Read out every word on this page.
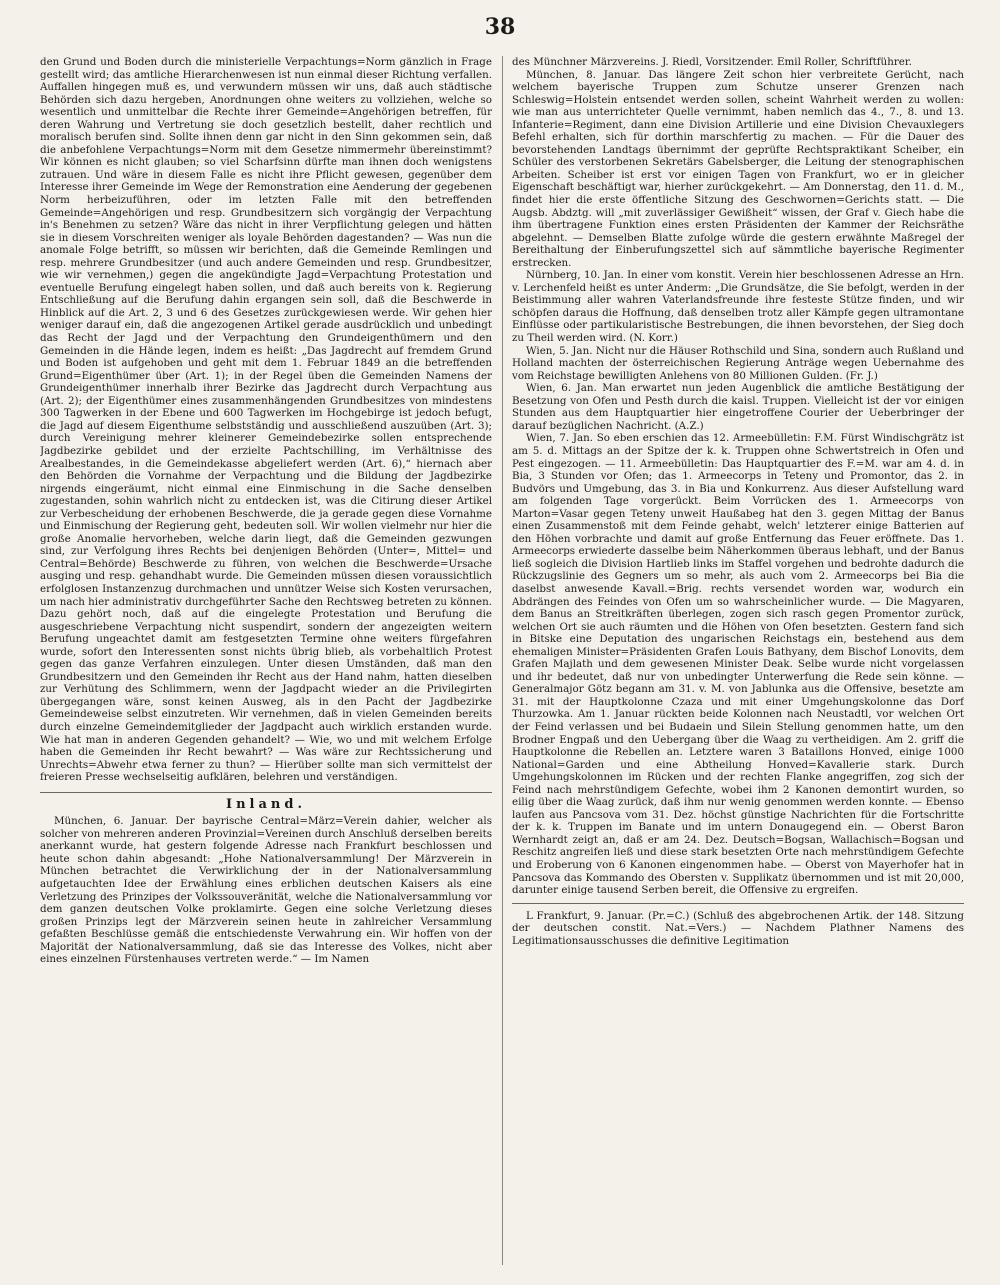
38

den Grund und Boden durch die ministerielle Verpachtungs=Norm gänzlich in Frage gestellt wird; das amtliche Hierarchenwesen ist nun einmal dieser Richtung verfallen. Auffallen hingegen muß es, und verwundern müssen wir uns, daß auch städtische Behörden sich dazu hergeben, Anordnungen ohne weiters zu vollziehen, welche so wesentlich und unmittelbar die Rechte ihrer Gemeinde=Angehörigen betreffen, für deren Wahrung und Vertretung sie doch gesetzlich bestellt, daher rechtlich und moralisch berufen sind. Sollte ihnen denn gar nicht in den Sinn gekommen sein, daß die anbefohlene Verpachtungs=Norm mit dem Gesetze nimmermehr übereinstimmt? Wir können es nicht glauben; so viel Scharfsinn dürfte man ihnen doch wenigstens zutrauen. Und wäre in diesem Falle es nicht ihre Pflicht gewesen, gegenüber dem Interesse ihrer Gemeinde im Wege der Remonstration eine Aenderung der gegebenen Norm herbeizuführen, oder im letzten Falle mit den betreffenden Gemeinde=Angehörigen und resp. Grundbesitzern sich vorgängig der Verpachtung in's Benehmen zu setzen? Wäre das nicht in ihrer Verpflichtung gelegen und hätten sie in diesem Vorschreiten weniger als loyale Behörden dagestanden? — Was nun die anomale Folge betrifft, so müssen wir berichten, daß die Gemeinde Remlingen und resp. mehrere Grundbesitzer (und auch andere Gemeinden und resp. Grundbesitzer, wie wir vernehmen,) gegen die angekündigte Jagd=Verpachtung Protestation und eventuelle Berufung eingelegt haben sollen, und daß auch bereits von k. Regierung Entschließung auf die Berufung dahin ergangen sein soll, daß die Beschwerde in Hinblick auf die Art. 2, 3 und 6 des Gesetzes zurückgewiesen werde. Wir gehen hier weniger darauf ein, daß die angezogenen Artikel gerade ausdrücklich und unbedingt das Recht der Jagd und der Verpachtung den Grundeigenthümern und den Gemeinden in die Hände legen, indem es heißt: „Das Jagdrecht auf fremdem Grund und Boden ist aufgehoben und geht mit dem 1. Februar 1849 an die betreffenden Grund=Eigenthümer über (Art. 1); in der Regel üben die Gemeinden Namens der Grundeigenthümer innerhalb ihrer Bezirke das Jagdrecht durch Verpachtung aus (Art. 2); der Eigenthümer eines zusammenhängenden Grundbesitzes von mindestens 300 Tagwerken in der Ebene und 600 Tagwerken im Hochgebirge ist jedoch befugt, die Jagd auf diesem Eigenthume selbstständig und ausschließend auszuüben (Art. 3); durch Vereinigung mehrer kleinerer Gemeindebezirke sollen entsprechende Jagdbezirke gebildet und der erzielte Pachtschilling, im Verhältnisse des Arealbestandes, in die Gemeindekasse abgeliefert werden (Art. 6),“ hiernach aber den Behörden die Vornahme der Verpachtung und die Bildung der Jagdbezirke nirgends eingeräumt, nicht einmal eine Einmischung in die Sache denselben zugestanden, sohin wahrlich nicht zu entdecken ist, was die Citirung dieser Artikel zur Verbescheidung der erhobenen Beschwerde, die ja gerade gegen diese Vornahme und Einmischung der Regierung geht, bedeuten soll. Wir wollen vielmehr nur hier die große Anomalie hervorheben, welche darin liegt, daß die Gemeinden gezwungen sind, zur Verfolgung ihres Rechts bei denjenigen Behörden (Unter=, Mittel= und Central=Behörde) Beschwerde zu führen, von welchen die Beschwerde=Ursache ausging und resp. gehandhabt wurde. Die Gemeinden müssen diesen voraussichtlich erfolglosen Instanzenzug durchmachen und unnützer Weise sich Kosten verursachen, um nach hier administrativ durchgeführter Sache den Rechtsweg betreten zu können. Dazu gehört noch, daß auf die eingelegte Protestation und Berufung die ausgeschriebene Verpachtung nicht suspendirt, sondern der angezeigten weitern Berufung ungeachtet damit am festgesetzten Termine ohne weiters fürgefahren wurde, sofort den Interessenten sonst nichts übrig blieb, als vorbehaltlich Protest gegen das ganze Verfahren einzulegen. Unter diesen Umständen, daß man den Grundbesitzern und den Gemeinden ihr Recht aus der Hand nahm, hatten dieselben zur Verhütung des Schlimmern, wenn der Jagdpacht wieder an die Privilegirten übergegangen wäre, sonst keinen Ausweg, als in den Pacht der Jagdbezirke Gemeindeweise selbst einzutreten. Wir vernehmen, daß in vielen Gemeinden bereits durch einzelne Gemeindemitglieder der Jagdpacht auch wirklich erstanden wurde. Wie hat man in anderen Gegenden gehandelt? — Wie, wo und mit welchem Erfolge haben die Gemeinden ihr Recht bewahrt? — Was wäre zur Rechtssicherung und Unrechts=Abwehr etwa ferner zu thun? — Hierüber sollte man sich vermittelst der freieren Presse wechselseitig aufklären, belehren und verständigen.

Inland.

München, 6. Januar. Der bayrische Central=März=Verein dahier, welcher als solcher von mehreren anderen Provinzial=Vereinen durch Anschluß derselben bereits anerkannt wurde, hat gestern folgende Adresse nach Frankfurt beschlossen und heute schon dahin abgesandt: „Hohe Nationalversammlung! Der Märzverein in München betrachtet die Verwirklichung der in der Nationalversammlung aufgetauchten Idee der Erwählung eines erblichen deutschen Kaisers als eine Verletzung des Prinzipes der Volkssouveränität, welche die Nationalversammlung vor dem ganzen deutschen Volke proklamirte. Gegen eine solche Verletzung dieses großen Prinzips legt der Märzverein seinen heute in zahlreicher Versammlung gefaßten Beschlüsse gemäß die entschiedenste Verwahrung ein. Wir hoffen von der Majorität der Nationalversammlung, daß sie das Interesse des Volkes, nicht aber eines einzelnen Fürstenhauses vertreten werde.“ — Im Namen

des Münchner Märzvereins. J. Riedl, Vorsitzender. Emil Roller, Schriftführer.

München, 8. Januar. Das längere Zeit schon hier verbreitete Gerücht, nach welchem bayerische Truppen zum Schutze unserer Grenzen nach Schleswig=Holstein entsendet werden sollen, scheint Wahrheit werden zu wollen: wie man aus unterrichteter Quelle vernimmt, haben nemlich das 4., 7., 8. und 13. Infanterie=Regiment, dann eine Division Artillerie und eine Division Chevauxlegers Befehl erhalten, sich für dorthin marschfertig zu machen. — Für die Dauer des bevorstehenden Landtags übernimmt der geprüfte Rechtspraktikant Scheiber, ein Schüler des verstorbenen Sekretärs Gabelsberger, die Leitung der stenographischen Arbeiten. Scheiber ist erst vor einigen Tagen von Frankfurt, wo er in gleicher Eigenschaft beschäftigt war, hierher zurückgekehrt. — Am Donnerstag, den 11. d. M., findet hier die erste öffentliche Sitzung des Geschwornen=Gerichts statt. — Die Augsb. Abdztg. will „mit zuverlässiger Gewißheit“ wissen, der Graf v. Giech habe die ihm übertragene Funktion eines ersten Präsidenten der Kammer der Reichsräthe abgelehnt. — Demselben Blatte zufolge würde die gestern erwähnte Maßregel der Bereithaltung der Einberufungszettel sich auf sämmtliche bayerische Regimenter erstrecken.

Nürnberg, 10. Jan. In einer vom konstit. Verein hier beschlossenen Adresse an Hrn. v. Lerchenfeld heißt es unter Anderm: „Die Grundsätze, die Sie befolgt, werden in der Beistimmung aller wahren Vaterlandsfreunde ihre festeste Stütze finden, und wir schöpfen daraus die Hoffnung, daß denselben trotz aller Kämpfe gegen ultramontane Einflüsse oder partikularistische Bestrebungen, die ihnen bevorstehen, der Sieg doch zu Theil werden wird. (N. Korr.)

Wien, 5. Jan. Nicht nur die Häuser Rothschild und Sina, sondern auch Rußland und Holland machten der österreichischen Regierung Anträge wegen Uebernahme des vom Reichstage bewilligten Anlehens von 80 Millionen Gulden. (Fr. J.)

Wien, 6. Jan. Man erwartet nun jeden Augenblick die amtliche Bestätigung der Besetzung von Ofen und Pesth durch die kaisl. Truppen. Vielleicht ist der vor einigen Stunden aus dem Hauptquartier hier eingetroffene Courier der Ueberbringer der darauf bezüglichen Nachricht. (A.Z.)

Wien, 7. Jan. So eben erschien das 12. Armeebülletin: F.M. Fürst Windischgrätz ist am 5. d. Mittags an der Spitze der k. k. Truppen ohne Schwertstreich in Ofen und Pest eingezogen. — 11. Armeebülletin: Das Hauptquartier des F.=M. war am 4. d. in Bia, 3 Stunden vor Ofen; das 1. Armeecorps in Teteny und Promontor, das 2. in Budvörs und Umgebung, das 3. in Bia und Konkurrenz. Aus dieser Aufstellung ward am folgenden Tage vorgerückt. Beim Vorrücken des 1. Armeecorps von Marton=Vasar gegen Teteny unweit Haußabeg hat den 3. gegen Mittag der Banus einen Zusammenstoß mit dem Feinde gehabt, welch' letzterer einige Batterien auf den Höhen vorbrachte und damit auf große Entfernung das Feuer eröffnete. Das 1. Armeecorps erwiederte dasselbe beim Näherkommen überaus lebhaft, und der Banus ließ sogleich die Division Hartlieb links im Staffel vorgehen und bedrohte dadurch die Rückzugslinie des Gegners um so mehr, als auch vom 2. Armeecorps bei Bia die daselbst anwesende Kavall.=Brig. rechts versendet worden war, wodurch ein Abdrängen des Feindes von Ofen um so wahrscheinlicher wurde. — Die Magyaren, dem Banus an Streitkräften überlegen, zogen sich rasch gegen Promentor zurück, welchen Ort sie auch räumten und die Höhen von Ofen besetzten. Gestern fand sich in Bitske eine Deputation des ungarischen Reichstags ein, bestehend aus dem ehemaligen Minister=Präsidenten Grafen Louis Bathyany, dem Bischof Lonovits, dem Grafen Majlath und dem gewesenen Minister Deak. Selbe wurde nicht vorgelassen und ihr bedeutet, daß nur von unbedingter Unterwerfung die Rede sein könne. — Generalmajor Götz begann am 31. v. M. von Jablunka aus die Offensive, besetzte am 31. mit der Hauptkolonne Czaza und mit einer Umgehungskolonne das Dorf Thurzowka. Am 1. Januar rückten beide Kolonnen nach Neustadtl, vor welchen Ort der Feind verlassen und bei Budaein und Silein Stellung genommen hatte, um den Brodner Engpaß und den Uebergang über die Waag zu vertheidigen. Am 2. griff die Hauptkolonne die Rebellen an. Letztere waren 3 Bataillons Honved, einige 1000 National=Garden und eine Abtheilung Honved=Kavallerie stark. Durch Umgehungskolonnen im Rücken und der rechten Flanke angegriffen, zog sich der Feind nach mehrstündigem Gefechte, wobei ihm 2 Kanonen demontirt wurden, so eilig über die Waag zurück, daß ihm nur wenig genommen werden konnte. — Ebenso laufen aus Pancsova vom 31. Dez. höchst günstige Nachrichten für die Fortschritte der k. k. Truppen im Banate und im untern Donaugegend ein. — Oberst Baron Wernhardt zeigt an, daß er am 24. Dez. Deutsch=Bogsan, Wallachisch=Bogsan und Reschitz angreifen ließ und diese stark besetzten Orte nach mehrstündigem Gefechte und Eroberung von 6 Kanonen eingenommen habe. — Oberst von Mayerhofer hat in Pancsova das Kommando des Obersten v. Supplikatz übernommen und ist mit 20,000, darunter einige tausend Serben bereit, die Offensive zu ergreifen.

L Frankfurt, 9. Januar. (Pr.=C.) (Schluß des abgebrochenen Artik. der 148. Sitzung der deutschen constit. Nat.=Vers.) — Nachdem Plathner Namens des Legitimationsausschusses die definitive Legitimation
